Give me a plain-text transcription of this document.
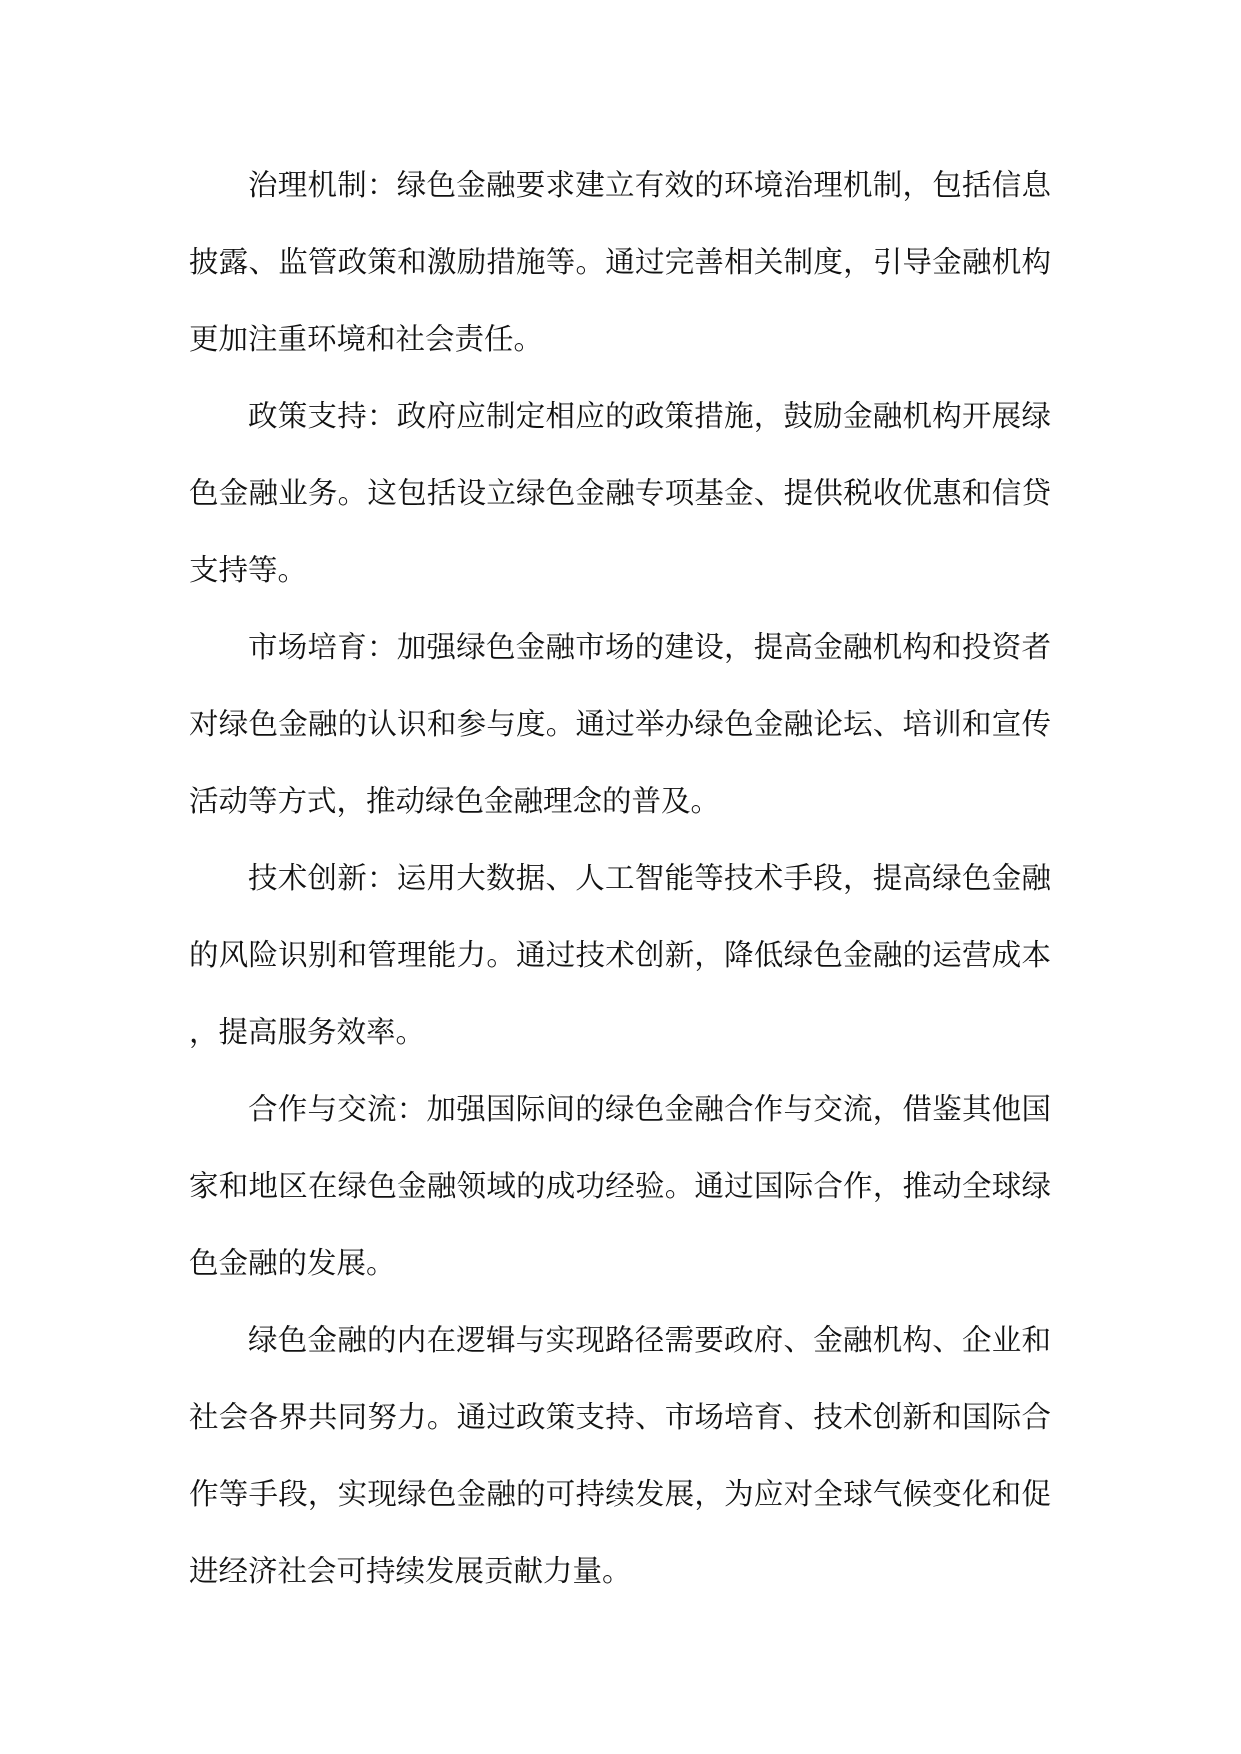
治理机制：绿色金融要求建立有效的环境治理机制，包括信息披露、监管政策和激励措施等。通过完善相关制度，引导金融机构更加注重环境和社会责任。

政策支持：政府应制定相应的政策措施，鼓励金融机构开展绿色金融业务。这包括设立绿色金融专项基金、提供税收优惠和信贷支持等。

市场培育：加强绿色金融市场的建设，提高金融机构和投资者对绿色金融的认识和参与度。通过举办绿色金融论坛、培训和宣传活动等方式，推动绿色金融理念的普及。

技术创新：运用大数据、人工智能等技术手段，提高绿色金融的风险识别和管理能力。通过技术创新，降低绿色金融的运营成本，提高服务效率。

合作与交流：加强国际间的绿色金融合作与交流，借鉴其他国家和地区在绿色金融领域的成功经验。通过国际合作，推动全球绿色金融的发展。

绿色金融的内在逻辑与实现路径需要政府、金融机构、企业和社会各界共同努力。通过政策支持、市场培育、技术创新和国际合作等手段，实现绿色金融的可持续发展，为应对全球气候变化和促进经济社会可持续发展贡献力量。
